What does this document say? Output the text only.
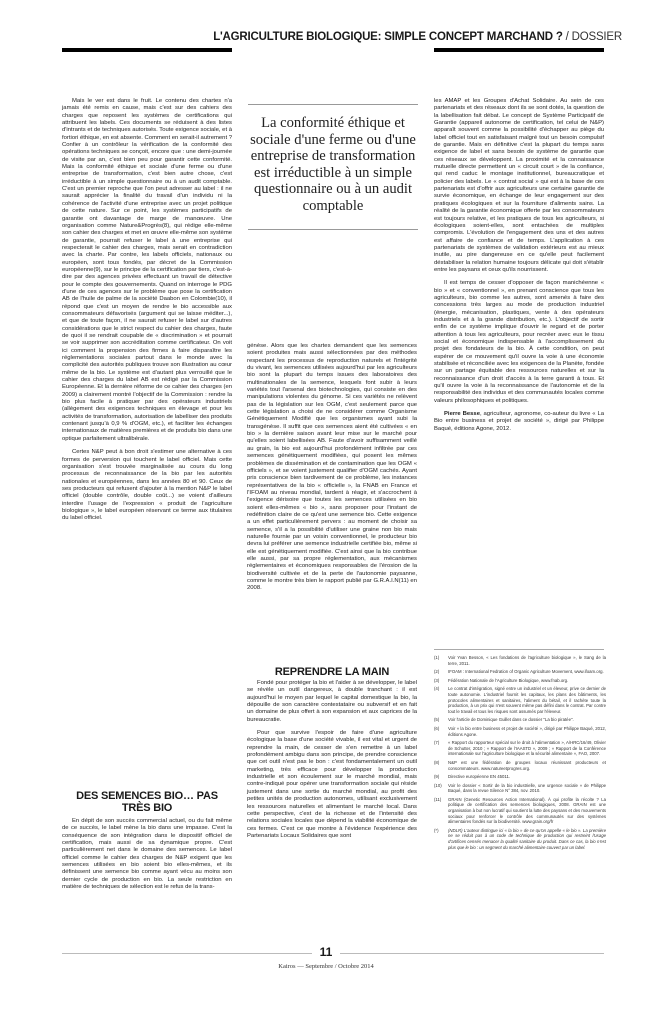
L'AGRICULTURE BIOLOGIQUE: SIMPLE CONCEPT MARCHAND ? / DOSSIER

Mais le ver est dans le fruit. Le contenu des chartes n'a jamais été remis en cause, mais c'est sur des cahiers des charges que reposent les systèmes de certifications qui attribuent les labels. Ces documents se réduisent à des listes d'intrants et de techniques autorisés. Toute exigence sociale, et à fortiori éthique, en est absente. Comment en serait-il autrement ? Confier à un contrôleur la vérification de la conformité des opérations techniques se conçoit, encore que : une demi-journée de visite par an, c'est bien peu pour garantir cette conformité. Mais la conformité éthique et sociale d'une ferme ou d'une entreprise de transformation, c'est bien autre chose, c'est irréductible à un simple questionnaire ou à un audit comptable. C'est un premier reproche que l'on peut adresser au label : il ne saurait apprécier la finalité du travail d'un individu ni la cohérence de l'activité d'une entreprise avec un projet politique de cette nature. Sur ce point, les systèmes participatifs de garantie ont davantage de marge de manœuvre. Une organisation comme Nature&Progrès(8), qui rédige elle-même son cahier des charges et met en œuvre elle-même son système de garantie, pourrait refuser le label à une entreprise qui respecterait le cahier des charges, mais serait en contradiction avec la charte. Par contre, les labels officiels, nationaux ou européen, sont tous fondés, par décret de la Commission européenne(9), sur le principe de la certification par tiers, c'est-à-dire par des agences privées effectuant un travail de détective pour le compte des gouvernements. Quand on interroge le PDG d'une de ces agences sur le problème que pose la certification AB de l'huile de palme de la société Daabon en Colombie(10), il répond que c'est un moyen de rendre le bio accessible aux consommateurs défavorisés (argument qui se laisse méditer...), et que de toute façon, il ne saurait refuser le label sur d'autres considérations que le strict respect du cahier des charges, faute de quoi il se rendrait coupable de « discrimination » et pourrait se voir supprimer son accréditation comme certificateur. On voit ici comment la propension des firmes à faire disparaître les réglementations sociales partout dans le monde avec la complicité des autorités publiques trouve son illustration au cœur même de la bio. Le système est d'autant plus verrouillé que le cahier des charges du label AB est rédigé par la Commission Européenne. Et la dernière réforme de ce cahier des charges (en 2009) a clairement montré l'objectif de la Commission : rendre la bio plus facile à pratiquer par des opérateurs industriels (allègement des exigences techniques en élevage et pour les activités de transformation, autorisation de labelliser des produits contenant jusqu'à 0,9 % d'OGM, etc.), et faciliter les échanges internationaux de matières premières et de produits bio dans une optique parfaitement ultralibérale.

Certes N&P peut à bon droit s'estimer une alternative à ces formes de perversion qui touchent le label officiel. Mais cette organisation s'est trouvée marginalisée au cours du long processus de reconnaissance de la bio par les autorités nationales et européennes, dans les années 80 et 90. Ceux de ses producteurs qui refusent d'ajouter à la mention N&P le label officiel (double contrôle, double coût...) se voient d'ailleurs interdire l'usage de l'expression « produit de l'agriculture biologique », le label européen réservant ce terme aux titulaires du label officiel.

DES SEMENCES BIO… PAS TRÈS BIO

En dépit de son succès commercial actuel, ou du fait même de ce succès, le label mène la bio dans une impasse. C'est la conséquence de son intégration dans le dispositif officiel de certification, mais aussi de sa dynamique propre. C'est particulièrement net dans le domaine des semences. Le label officiel comme le cahier des charges de N&P exigent que les semences utilisées en bio soient bio elles-mêmes, et ils définissent une semence bio comme ayant vécu au moins son dernier cycle de production en bio. La seule restriction en matière de techniques de sélection est le refus de la trans-

La conformité éthique et sociale d'une ferme ou d'une entreprise de transformation est irréductible à un simple questionnaire ou à un audit comptable

génèse. Alors que les chartes demandent que les semences soient produites mais aussi sélectionnées par des méthodes respectant les processus de reproduction naturels et l'intégrité du vivant, les semences utilisées aujourd'hui par les agriculteurs bio sont la plupart du temps issues des laboratoires des multinationales de la semence, lesquels font subir à leurs variétés tout l'arsenal des biotechnologies, qui consiste en des manipulations violentes du génome. Si ces variétés ne relèvent pas de la législation sur les OGM, c'est seulement parce que cette législation a choisi de ne considérer comme Organisme Génétiquement Modifié que les organismes ayant subi la transgénèse. Il suffit que ces semences aient été cultivées « en bio » la dernière saison avant leur mise sur le marché pour qu'elles soient labellisées AB. Faute d'avoir suffisamment veillé au grain, la bio est aujourd'hui profondément infiltrée par ces semences génétiquement modifiées, qui posent les mêmes problèmes de dissémination et de contamination que les OGM « officiels », et se voient justement qualifier d'OGM cachés. Ayant pris conscience bien tardivement de ce problème, les instances représentatives de la bio « officielle », la FNAB en France et l'IFOAM au niveau mondial, tardent à réagir, et s'accrochent à l'exigence dérisoire que toutes les semences utilisées en bio soient elles-mêmes « bio », sans proposer pour l'instant de redéfinition claire de ce qu'est une semence bio. Cette exigence a un effet particulièrement pervers : au moment de choisir sa semence, s'il a la possibilité d'utiliser une graine non bio mais naturelle fournie par un voisin conventionnel, le producteur bio devra lui préférer une semence industrielle certifiée bio, même si elle est génétiquement modifiée. C'est ainsi que la bio contribue elle aussi, par sa propre réglementation, aux mécanismes réglementaires et économiques responsables de l'érosion de la biodiversité cultivée et de la perte de l'autonomie paysanne, comme le montre très bien le rapport publié par G.R.A.I.N(11) en 2008.

REPRENDRE LA MAIN

Fondé pour protéger la bio et l'aider à se développer, le label se révèle un outil dangereux, à double tranchant : il est aujourd'hui le moyen par lequel le capital domestique la bio, la dépouille de son caractère contestataire ou subversif et en fait un domaine de plus offert à son expansion et aux caprices de la bureaucratie.

Pour que survive l'espoir de faire d'une agriculture écologique la base d'une société vivable, il est vital et urgent de reprendre la main, de cesser de s'en remettre à un label profondément ambigu dans son principe, de prendre conscience que cet outil n'est pas le bon : c'est fondamentalement un outil marketing, très efficace pour développer la production industrielle et son écoulement sur le marché mondial, mais contre-indiqué pour opérer une transformation sociale qui réside justement dans une sortie du marché mondial, au profit des petites unités de production autonomes, utilisant exclusivement les ressources naturelles et alimentant le marché local. Dans cette perspective, c'est de la richesse et de l'intensité des relations sociales locales que dépend la viabilité économique de ces fermes. C'est ce que montre à l'évidence l'expérience des Partenariats Locaux Solidaires que sont

les AMAP et les Groupes d'Achat Solidaire. Au sein de ces partenariats et des réseaux dont ils se sont dotés, la question de la labellisation fait débat. Le concept de Système Participatif de Garantie (appareil autonome de certification, tel celui de N&P) apparaît souvent comme la possibilité d'échapper au piège du label officiel tout en satisfaisant malgré tout un besoin compulsif de garantie. Mais en définitive c'est la plupart du temps sans exigence de label et sans besoin de système de garantie que ces réseaux se développent. La proximité et la connaissance mutuelle directe permettent un « circuit court » de la confiance, qui rend caduc le montage institutionnel, bureaucratique et policier des labels. Le « contrat social » qui est à la base de ces partenariats est d'offrir aux agriculteurs une certaine garantie de survie économique, en échange de leur engagement sur des pratiques écologiques et sur la fourniture d'aliments sains. La réalité de la garantie économique offerte par les consommateurs est toujours relative, et les pratiques de tous les agriculteurs, si écologiques soient-elles, sont entachées de multiples compromis. L'évolution de l'engagement des uns et des autres est affaire de confiance et de temps. L'application à ces partenariats de systèmes de validation extérieurs est au mieux inutile, au pire dangereuse en ce qu'elle peut facilement déstabiliser la relation humaine toujours délicate qui doit s'établir entre les paysans et ceux qu'ils nourrissent.

Il est temps de cesser d'opposer de façon manichéenne « bio » et « conventionnel », en prenant conscience que tous les agriculteurs, bio comme les autres, sont amenés à faire des concessions très larges au mode de production industriel (énergie, mécanisation, plastiques, vente à des opérateurs industriels et à la grande distribution, etc.). L'objectif de sortir enfin de ce système implique d'ouvrir le regard et de porter attention à tous les agriculteurs, pour recréer avec eux le tissu social et économique indispensable à l'accomplissement du projet des fondateurs de la bio. À cette condition, on peut espérer de ce mouvement qu'il ouvre la voie à une économie stabilisée et réconciliée avec les exigences de la Planète, fondée sur un partage équitable des ressources naturelles et sur la reconnaissance d'un droit d'accès à la terre garanti à tous. Et qu'il ouvre la voie à la reconnaissance de l'autonomie et de la responsabilité des individus et des communautés locales comme valeurs philosophiques et politiques.

Pierre Besse, agriculteur, agronome, co-auteur du livre « La Bio entre business et projet de société », dirigé par Philippe Baqué, éditions Agone, 2012.

(1)	Voir Yvan Besson, « Les fondations de l'agriculture biologique », le Sang de la terre, 2011.
(2)	IFOAM : International Fedration of Organic Agriculture Movement, www.ifoam.org.
(3)	Fédération Nationale de l'Agriculture Biologique, www.fnab.org.
(4)	Le contrat d'intégration, signé entre un industriel et un éleveur, prive ce dernier de toute autonomie. L'industriel fournit les capitaux, les plans des bâtiments, les protocoles alimentaires et sanitaires, l'aliment du bétail, et il rachète toute la production, à un prix qui n'est souvent même pas défini dans le contrat. Par contre tout le travail et tous les risques sont assumés par l'éleveur.
(5)	Voir l'article de Dominique Guillet dans ce dossier "La bio piratée".
(6)	Voir « la bio entre business et projet de société », dirigé par Philippe Baqué, 2012, éditions Agone.
(7)	« Rapport du rapporteur spécial sur le droit à l'alimentation », A/HRC/16/49, Olivier de Schutter, 2010 ; « Rapport de l'IAASTD », 2009 ; « Rapport de la Conférence internationale sur l'agriculture biologique et la sécurité alimentaire », FAO, 2007.
(8)	N&P est une fédération de groupes locaux réunissant producteurs et consommateurs. www.natureetprogres.org.
(9)	Directive européenne EN 45011.
(10)	Voir le dossier « Sortir de la bio industrielle, une urgence sociale » de Philippe Baqué, dans la revue Silence N° 384, nov. 2010.
(11)	GRAIN (Genetic Resources Action International). À qui profite la récolte ? La politique de certification des semences biologiques, 2008. GRAIN est une organisation à but non lucratif qui soutient la lutte des paysans et des mouvements sociaux pour renforcer le contrôle des communautés sur des systèmes alimentaires fondés sur la biodiversité. www.grain.org/fr
(*)	(NDLR) L'auteur distingue ici « la bio » de ce qu'on appelle « le bio ». La première ne se réduit pas à un code de technique de production qui restreint l'usage d'artifices censés menacer la qualité sanitaire du produit. Dans ce cas, la bio n'est plus que le bio : un segment du marché alimentaire couvert par un label.
11
Kairos — Septembre / Octobre 2014
